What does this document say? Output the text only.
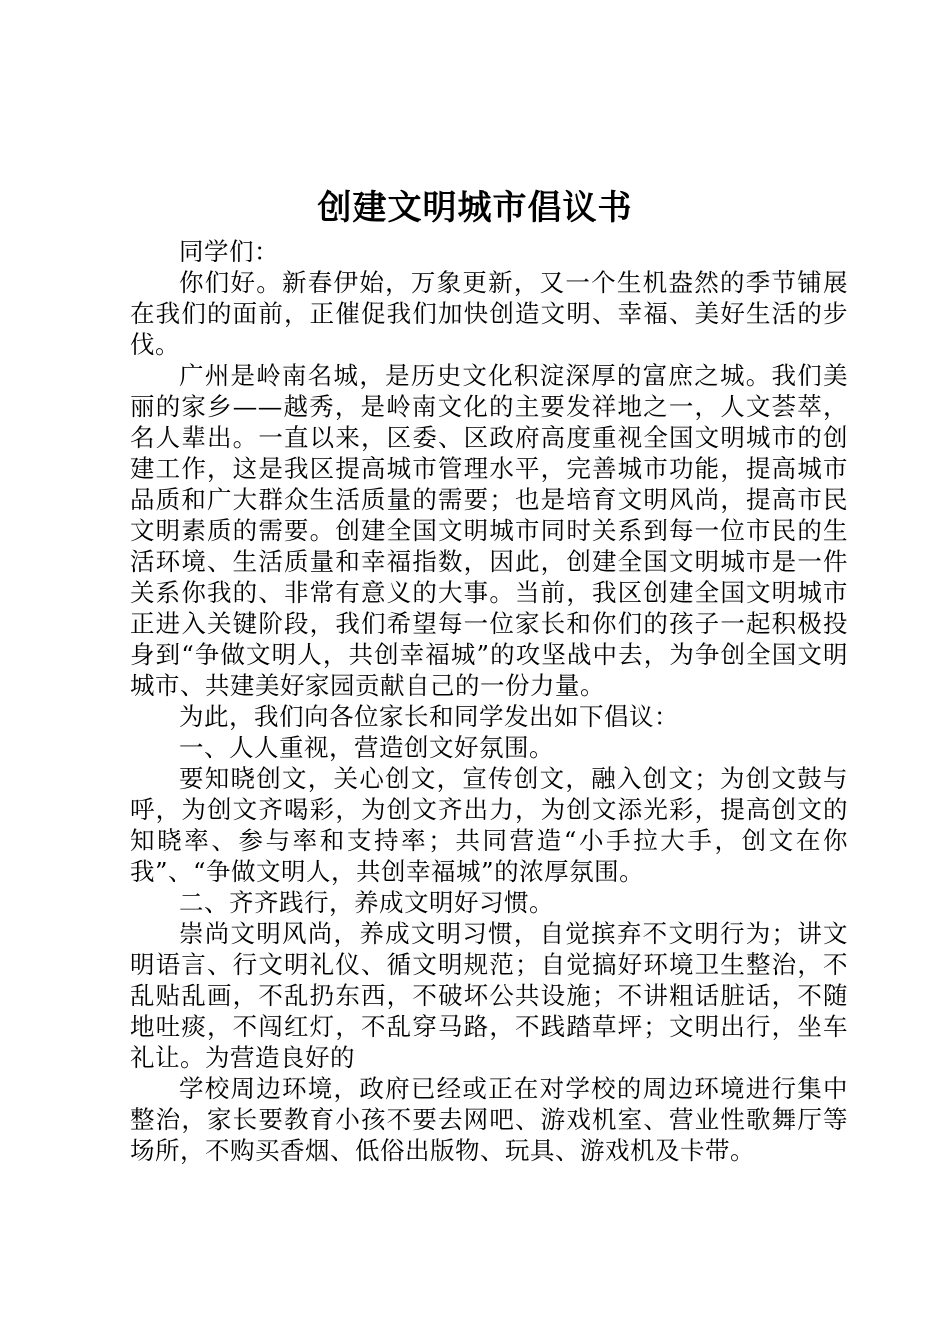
创建文明城市倡议书

同学们：

你们好。新春伊始，万象更新，又一个生机盎然的季节铺展在我们的面前，正催促我们加快创造文明、幸福、美好生活的步伐。

广州是岭南名城，是历史文化积淀深厚的富庶之城。我们美丽的家乡——越秀，是岭南文化的主要发祥地之一，人文荟萃，名人辈出。一直以来，区委、区政府高度重视全国文明城市的创建工作，这是我区提高城市管理水平，完善城市功能，提高城市品质和广大群众生活质量的需要；也是培育文明风尚，提高市民文明素质的需要。创建全国文明城市同时关系到每一位市民的生活环境、生活质量和幸福指数，因此，创建全国文明城市是一件关系你我的、非常有意义的大事。当前，我区创建全国文明城市正进入关键阶段，我们希望每一位家长和你们的孩子一起积极投身到“争做文明人，共创幸福城”的攻坚战中去，为争创全国文明城市、共建美好家园贡献自己的一份力量。

为此，我们向各位家长和同学发出如下倡议：

一、人人重视，营造创文好氛围。

要知晓创文，关心创文，宣传创文，融入创文；为创文鼓与呼，为创文齐喝彩，为创文齐出力，为创文添光彩，提高创文的知晓率、参与率和支持率；共同营造“小手拉大手，创文在你我”、“争做文明人，共创幸福城”的浓厚氛围。

二、齐齐践行，养成文明好习惯。

崇尚文明风尚，养成文明习惯，自觉摈弃不文明行为；讲文明语言、行文明礼仪、循文明规范；自觉搞好环境卫生整治，不乱贴乱画，不乱扔东西，不破坏公共设施；不讲粗话脏话，不随地吐痰，不闯红灯，不乱穿马路，不践踏草坪；文明出行，坐车礼让。为营造良好的

学校周边环境，政府已经或正在对学校的周边环境进行集中整治，家长要教育小孩不要去网吧、游戏机室、营业性歌舞厅等场所，不购买香烟、低俗出版物、玩具、游戏机及卡带。
